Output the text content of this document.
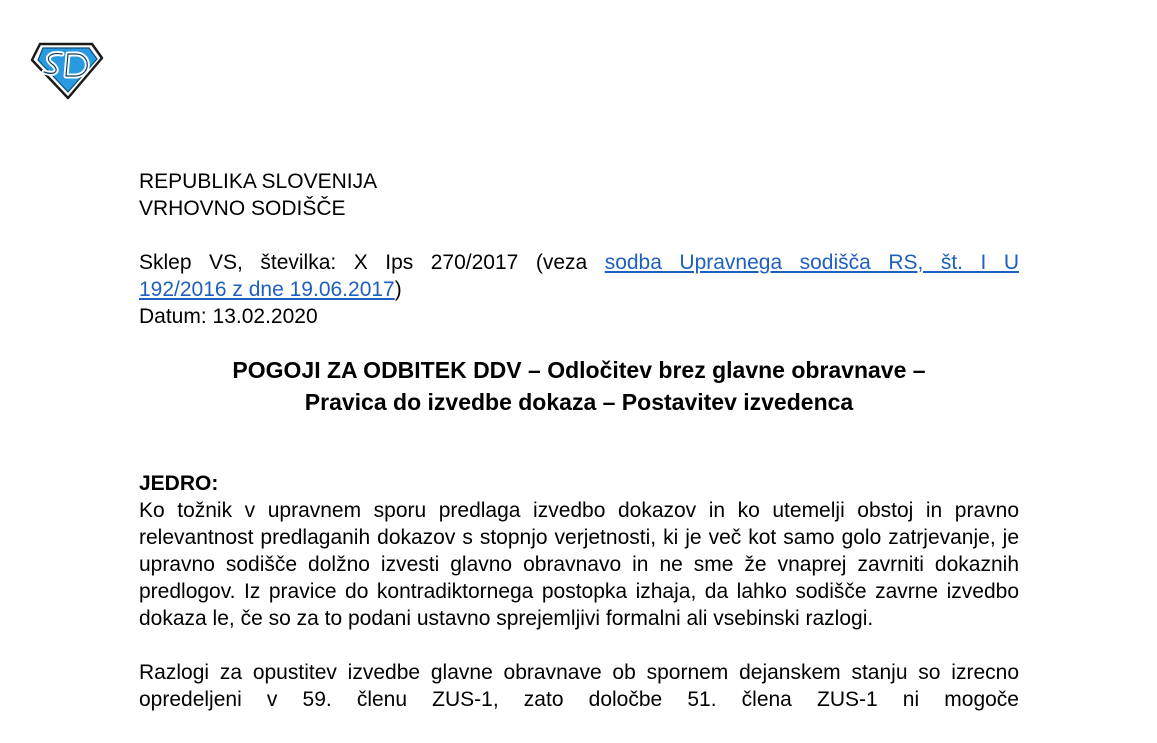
REPUBLIKA SLOVENIJA
VRHOVNO SODIŠČE

Sklep VS, številka: X Ips 270/2017 (veza sodba Upravnega sodišča RS, št. I U
192/2016 z dne 19.06.2017)
Datum: 13.02.2020

POGOJI ZA ODBITEK DDV – Odločitev brez glavne obravnave –
Pravica do izvedbe dokaza – Postavitev izvedenca

JEDRO:

Ko tožnik v upravnem sporu predlaga izvedbo dokazov in ko utemelji obstoj in pravno relevantnost predlaganih dokazov s stopnjo verjetnosti, ki je več kot samo golo zatrjevanje, je upravno sodišče dolžno izvesti glavno obravnavo in ne sme že vnaprej zavrniti dokaznih predlogov. Iz pravice do kontradiktornega postopka izhaja, da lahko sodišče zavrne izvedbo dokaza le, če so za to podani ustavno sprejemljivi formalni ali vsebinski razlogi.

Razlogi za opustitev izvedbe glavne obravnave ob spornem dejanskem stanju so izrecno opredeljeni v 59. členu ZUS-1, zato določbe 51. člena ZUS-1 ni mogoče
